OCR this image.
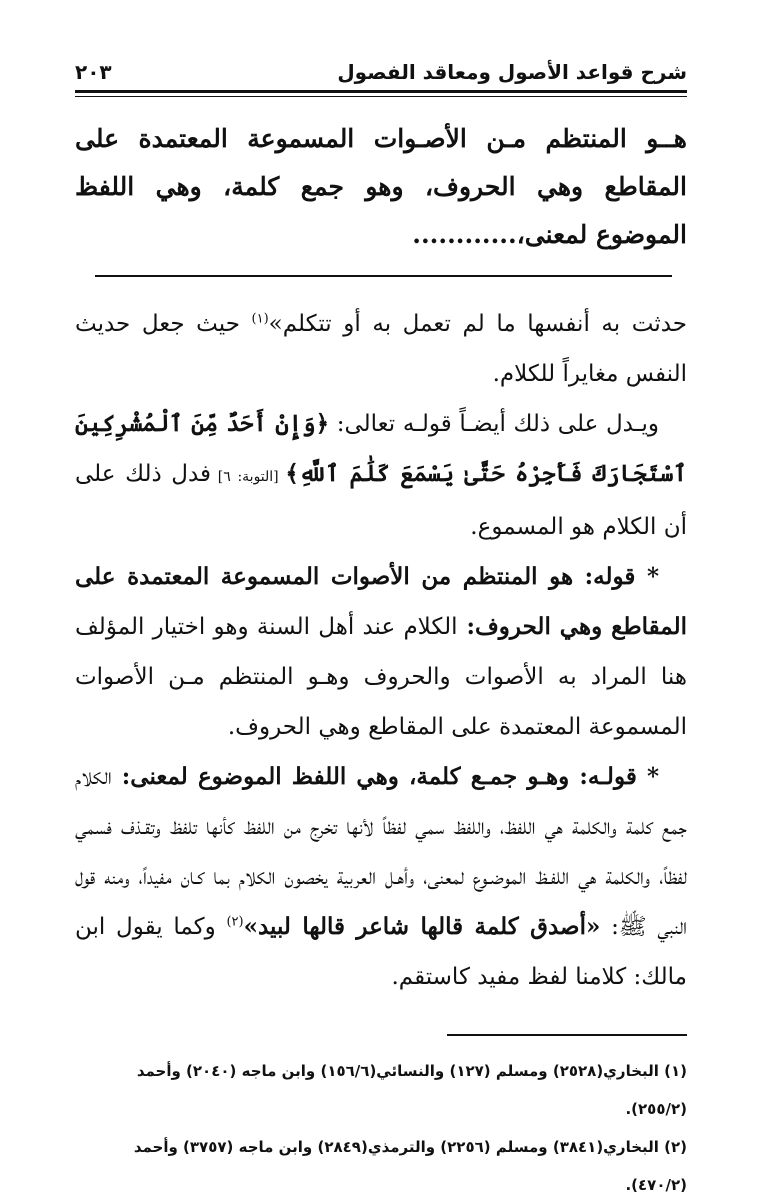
شرح قواعد الأصول ومعاقد الفصول
٢٠٣
هــو المنتظم مـن الأصـوات المسموعة المعتمدة على المقاطع وهي الحروف، وهو جمع كلمة، وهي اللفظ الموضوع لمعنى،............

حدثت به أنفسها ما لم تعمل به أو تتكلم»$^{(١)}$ حيث جعل حديث النفس مغايراً للكلام.

ويـدل على ذلك أيضـاً قولـه تعالى: ﴿وَإِنْ أَحَدٌ مِّنَ ٱلْمُشْرِكِينَ ٱسْتَجَارَكَ فَأَجِرْهُ حَتَّىٰ يَسْمَعَ كَلَٰمَ ٱللَّهِ﴾ [التوبة: ٦] فدل ذلك على أن الكلام هو المسموع.

* قوله: هو المنتظم من الأصوات المسموعة المعتمدة على المقاطع وهي الحروف: الكلام عند أهل السنة وهو اختيار المؤلف هنا المراد به الأصوات والحروف وهـو المنتظم مـن الأصوات المسموعة المعتمدة على المقاطع وهي الحروف.

* قولـه: وهـو جمـع كلمة، وهي اللفظ الموضوع لمعنى: الكلام جمع كلمة والكلمة هي اللفظ، واللفظ سمي لفظاً لأنها تخرج من اللفظ كأنها تلفظ وتقـذف فسمي لفظاً، والكلمة هي اللفـظ الموضـوع لمعنى، وأهـل العربية يخصون الكلام بما كـان مفيداً، ومنه قول النبي ﷺ: «أصدق كلمة قالها شاعر قالها لبيد»$^{(٢)}$ وكما يقول ابن مالك: كلامنا لفظ مفيد كاستقم.

(١) البخاري(٢٥٢٨) ومسلم (١٢٧) والنسائي(١٥٦/٦) وابن ماجه (٢٠٤٠) وأحمد (٢٥٥/٢).
(٢) البخاري(٣٨٤١) ومسلم (٢٢٥٦) والترمذي(٢٨٤٩) وابن ماجه (٣٧٥٧) وأحمد (٤٧٠/٢).
